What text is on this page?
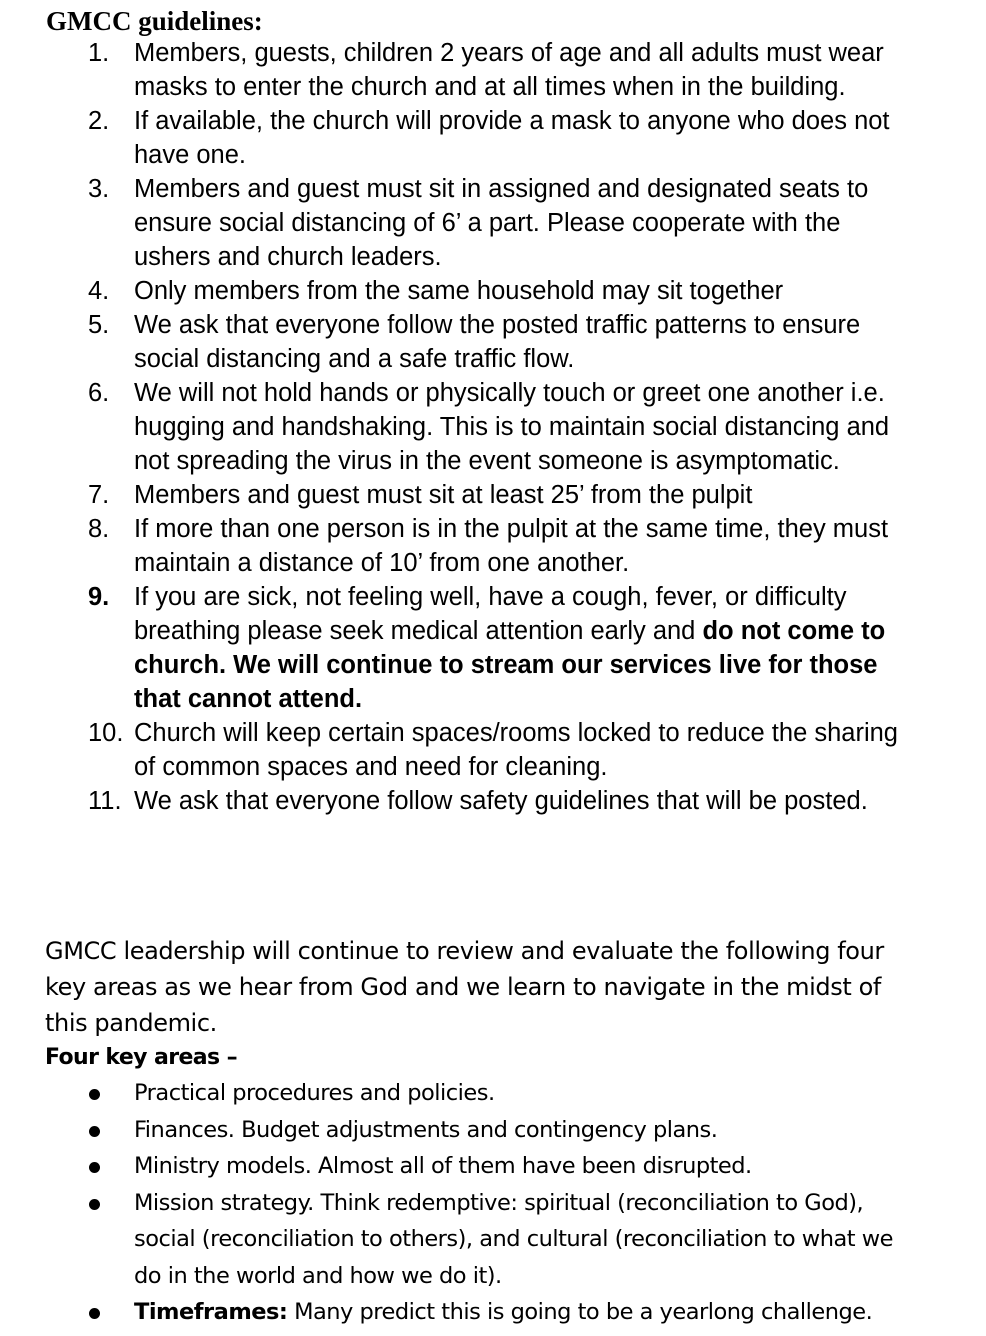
GMCC guidelines:
1. Members, guests, children 2 years of age and all adults must wear masks to enter the church and at all times when in the building.
2. If available, the church will provide a mask to anyone who does not have one.
3. Members and guest must sit in assigned and designated seats to ensure social distancing of 6’ a part. Please cooperate with the ushers and church leaders.
4. Only members from the same household may sit together
5. We ask that everyone follow the posted traffic patterns to ensure social distancing and a safe traffic flow.
6. We will not hold hands or physically touch or greet one another i.e. hugging and handshaking. This is to maintain social distancing and not spreading the virus in the event someone is asymptomatic.
7. Members and guest must sit at least 25’ from the pulpit
8. If more than one person is in the pulpit at the same time, they must maintain a distance of 10’ from one another.
9. If you are sick, not feeling well, have a cough, fever, or difficulty breathing please seek medical attention early and do not come to church. We will continue to stream our services live for those that cannot attend.
10. Church will keep certain spaces/rooms locked to reduce the sharing of common spaces and need for cleaning.
11. We ask that everyone follow safety guidelines that will be posted.

GMCC leadership will continue to review and evaluate the following four key areas as we hear from God and we learn to navigate in the midst of this pandemic.

Four key areas –

Practical procedures and policies.
Finances. Budget adjustments and contingency plans.
Ministry models. Almost all of them have been disrupted.
Mission strategy. Think redemptive: spiritual (reconciliation to God), social (reconciliation to others), and cultural (reconciliation to what we do in the world and how we do it).
Timeframes: Many predict this is going to be a yearlong challenge.
